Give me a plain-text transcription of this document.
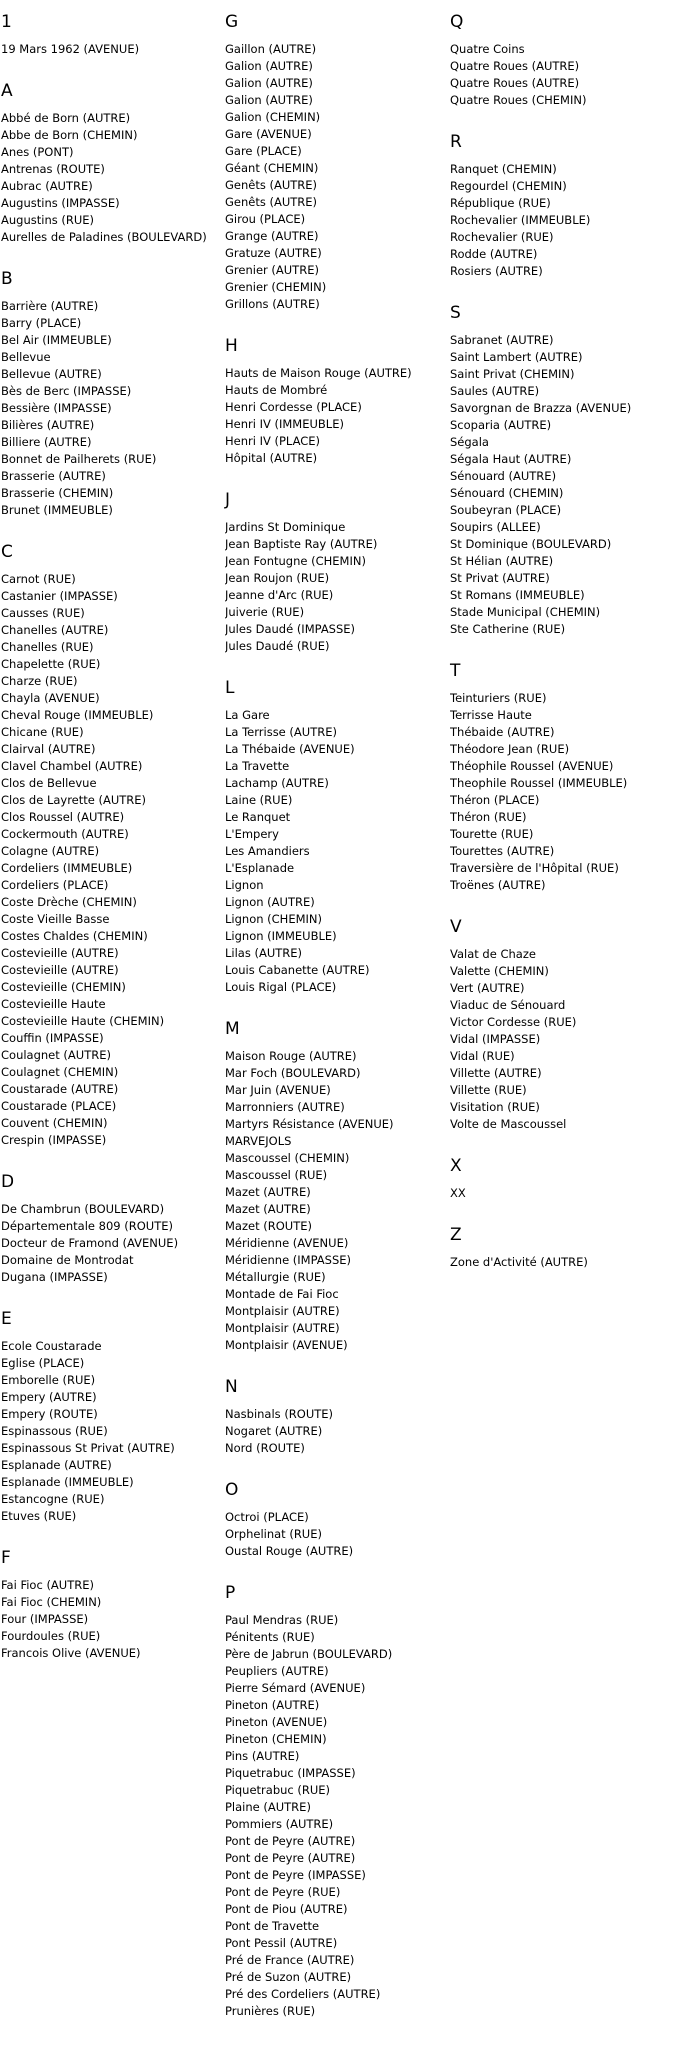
1
19 Mars 1962 (AVENUE)
A
Abbé de Born (AUTRE)
Abbe de Born (CHEMIN)
Anes (PONT)
Antrenas (ROUTE)
Aubrac (AUTRE)
Augustins (IMPASSE)
Augustins (RUE)
Aurelles de Paladines (BOULEVARD)
B
Barrière (AUTRE)
Barry (PLACE)
Bel Air (IMMEUBLE)
Bellevue
Bellevue (AUTRE)
Bès de Berc (IMPASSE)
Bessière (IMPASSE)
Bilières (AUTRE)
Billiere (AUTRE)
Bonnet de Pailherets (RUE)
Brasserie (AUTRE)
Brasserie (CHEMIN)
Brunet (IMMEUBLE)
C
Carnot (RUE)
Castanier (IMPASSE)
Causses (RUE)
Chanelles (AUTRE)
Chanelles (RUE)
Chapelette (RUE)
Charze (RUE)
Chayla (AVENUE)
Cheval Rouge (IMMEUBLE)
Chicane (RUE)
Clairval (AUTRE)
Clavel Chambel (AUTRE)
Clos de Bellevue
Clos de Layrette (AUTRE)
Clos Roussel (AUTRE)
Cockermouth (AUTRE)
Colagne (AUTRE)
Cordeliers (IMMEUBLE)
Cordeliers (PLACE)
Coste Drèche (CHEMIN)
Coste Vieille Basse
Costes Chaldes (CHEMIN)
Costevieille (AUTRE)
Costevieille (AUTRE)
Costevieille (CHEMIN)
Costevieille Haute
Costevieille Haute (CHEMIN)
Couffin (IMPASSE)
Coulagnet (AUTRE)
Coulagnet (CHEMIN)
Coustarade (AUTRE)
Coustarade (PLACE)
Couvent (CHEMIN)
Crespin (IMPASSE)
D
De Chambrun (BOULEVARD)
Départementale 809 (ROUTE)
Docteur de Framond (AVENUE)
Domaine de Montrodat
Dugana (IMPASSE)
E
Ecole Coustarade
Eglise (PLACE)
Emborelle (RUE)
Empery (AUTRE)
Empery (ROUTE)
Espinassous (RUE)
Espinassous St Privat (AUTRE)
Esplanade (AUTRE)
Esplanade (IMMEUBLE)
Estancogne (RUE)
Etuves (RUE)
F
Fai Fioc (AUTRE)
Fai Fioc (CHEMIN)
Four (IMPASSE)
Fourdoules (RUE)
Francois Olive (AVENUE)
G
Gaillon (AUTRE)
Galion (AUTRE)
Galion (AUTRE)
Galion (AUTRE)
Galion (CHEMIN)
Gare (AVENUE)
Gare (PLACE)
Géant (CHEMIN)
Genêts (AUTRE)
Genêts (AUTRE)
Girou (PLACE)
Grange (AUTRE)
Gratuze (AUTRE)
Grenier (AUTRE)
Grenier (CHEMIN)
Grillons (AUTRE)
H
Hauts de Maison Rouge (AUTRE)
Hauts de Mombré
Henri Cordesse (PLACE)
Henri IV (IMMEUBLE)
Henri IV (PLACE)
Hôpital (AUTRE)
J
Jardins St Dominique
Jean Baptiste Ray (AUTRE)
Jean Fontugne (CHEMIN)
Jean Roujon (RUE)
Jeanne d'Arc (RUE)
Juiverie (RUE)
Jules Daudé (IMPASSE)
Jules Daudé (RUE)
L
La Gare
La Terrisse (AUTRE)
La Thébaide (AVENUE)
La Travette
Lachamp (AUTRE)
Laine (RUE)
Le Ranquet
L'Empery
Les Amandiers
L'Esplanade
Lignon
Lignon (AUTRE)
Lignon (CHEMIN)
Lignon (IMMEUBLE)
Lilas (AUTRE)
Louis Cabanette (AUTRE)
Louis Rigal (PLACE)
M
Maison Rouge (AUTRE)
Mar Foch (BOULEVARD)
Mar Juin (AVENUE)
Marronniers (AUTRE)
Martyrs Résistance (AVENUE)
MARVEJOLS
Mascoussel (CHEMIN)
Mascoussel (RUE)
Mazet (AUTRE)
Mazet (AUTRE)
Mazet (ROUTE)
Méridienne (AVENUE)
Méridienne (IMPASSE)
Métallurgie (RUE)
Montade de Fai Fioc
Montplaisir (AUTRE)
Montplaisir (AUTRE)
Montplaisir (AVENUE)
N
Nasbinals (ROUTE)
Nogaret (AUTRE)
Nord (ROUTE)
O
Octroi (PLACE)
Orphelinat (RUE)
Oustal Rouge (AUTRE)
P
Paul Mendras (RUE)
Pénitents (RUE)
Père de Jabrun (BOULEVARD)
Peupliers (AUTRE)
Pierre Sémard (AVENUE)
Pineton (AUTRE)
Pineton (AVENUE)
Pineton (CHEMIN)
Pins (AUTRE)
Piquetrabuc (IMPASSE)
Piquetrabuc (RUE)
Plaine (AUTRE)
Pommiers (AUTRE)
Pont de Peyre (AUTRE)
Pont de Peyre (AUTRE)
Pont de Peyre (IMPASSE)
Pont de Peyre (RUE)
Pont de Piou (AUTRE)
Pont de Travette
Pont Pessil (AUTRE)
Pré de France (AUTRE)
Pré de Suzon (AUTRE)
Pré des Cordeliers (AUTRE)
Prunières (RUE)
Q
Quatre Coins
Quatre Roues (AUTRE)
Quatre Roues (AUTRE)
Quatre Roues (CHEMIN)
R
Ranquet (CHEMIN)
Regourdel (CHEMIN)
République (RUE)
Rochevalier (IMMEUBLE)
Rochevalier (RUE)
Rodde (AUTRE)
Rosiers (AUTRE)
S
Sabranet (AUTRE)
Saint Lambert (AUTRE)
Saint Privat (CHEMIN)
Saules (AUTRE)
Savorgnan de Brazza (AVENUE)
Scoparia (AUTRE)
Ségala
Ségala Haut (AUTRE)
Sénouard (AUTRE)
Sénouard (CHEMIN)
Soubeyran (PLACE)
Soupirs (ALLEE)
St Dominique (BOULEVARD)
St Hélian (AUTRE)
St Privat (AUTRE)
St Romans (IMMEUBLE)
Stade Municipal (CHEMIN)
Ste Catherine (RUE)
T
Teinturiers (RUE)
Terrisse Haute
Thébaide (AUTRE)
Théodore Jean (RUE)
Théophile Roussel (AVENUE)
Theophile Roussel (IMMEUBLE)
Théron (PLACE)
Théron (RUE)
Tourette (RUE)
Tourettes (AUTRE)
Traversière de l'Hôpital (RUE)
Troënes (AUTRE)
V
Valat de Chaze
Valette (CHEMIN)
Vert (AUTRE)
Viaduc de Sénouard
Victor Cordesse (RUE)
Vidal (IMPASSE)
Vidal (RUE)
Villette (AUTRE)
Villette (RUE)
Visitation (RUE)
Volte de Mascoussel
X
XX
Z
Zone d'Activité (AUTRE)
